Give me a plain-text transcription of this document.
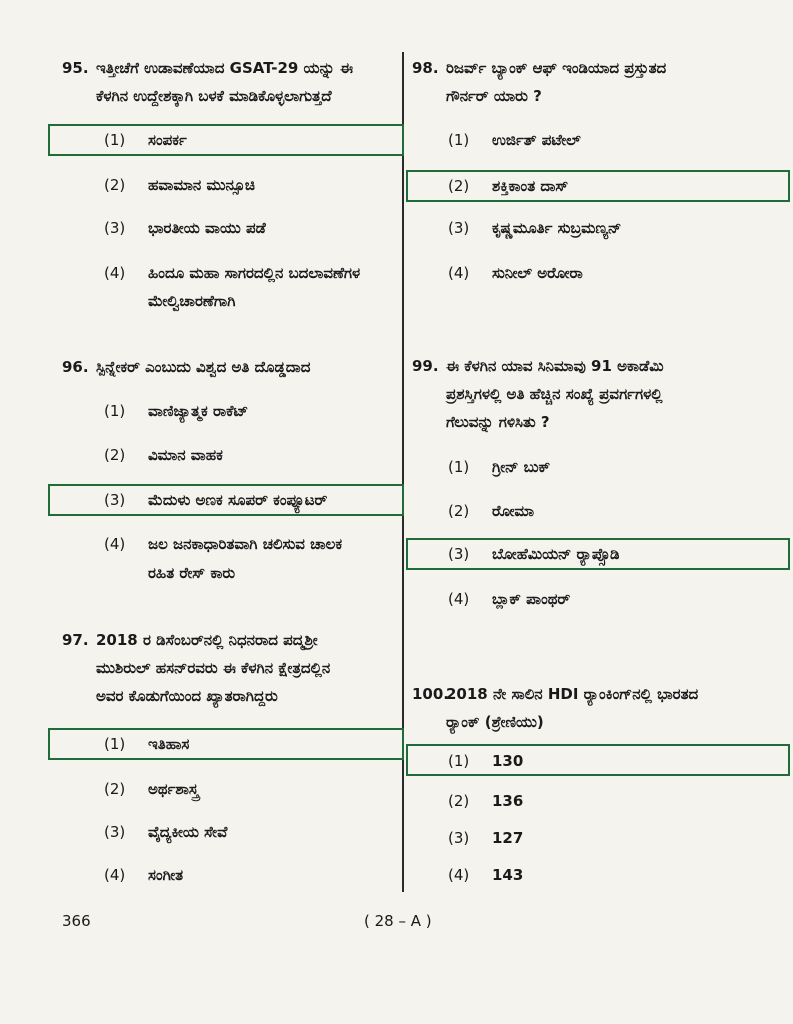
95. ಇತ್ತೀಚೆಗೆ ಉಡಾವಣೆಯಾದ GSAT-29 ಯನ್ನು ಈ
ಕೆಳಗಿನ ಉದ್ದೇಶಕ್ಕಾಗಿ ಬಳಕೆ ಮಾಡಿಕೊಳ್ಳಲಾಗುತ್ತದೆ
(1) ಸಂಪರ್ಕ
(2) ಹವಾಮಾನ ಮುನ್ಸೂಚಿ
(3) ಭಾರತೀಯ ವಾಯು ಪಡೆ
(4) ಹಿಂದೂ ಮಹಾ ಸಾಗರದಲ್ಲಿನ ಬದಲಾವಣೆಗಳ
ಮೇಲ್ವಿಚಾರಣೆಗಾಗಿ
96. ಸ್ಪಿನ್ನೇಕರ್ ಎಂಬುದು ವಿಶ್ವದ ಅತಿ ದೊಡ್ಡದಾದ
(1) ವಾಣಿಜ್ಯಾತ್ಮಕ ರಾಕೆಟ್
(2) ವಿಮಾನ ವಾಹಕ
(3) ಮೆದುಳು ಅಣಕ ಸೂಪರ್ ಕಂಪ್ಯೂಟರ್
(4) ಜಲ ಜನಕಾಧಾರಿತವಾಗಿ ಚಲಿಸುವ ಚಾಲಕ
ರಹಿತ ರೇಸ್ ಕಾರು
97. 2018 ರ ಡಿಸೆಂಬರ್‌ನಲ್ಲಿ ನಿಧನರಾದ ಪದ್ಮಶ್ರೀ
ಮುಶಿರುಲ್ ಹಸನ್‌ರವರು ಈ ಕೆಳಗಿನ ಕ್ಷೇತ್ರದಲ್ಲಿನ
ಅವರ ಕೊಡುಗೆಯಿಂದ ಖ್ಯಾತರಾಗಿದ್ದರು
(1) ಇತಿಹಾಸ
(2) ಅರ್ಥಶಾಸ್ತ್ರ
(3) ವೈದ್ಯಕೀಯ ಸೇವೆ
(4) ಸಂಗೀತ
98. ರಿಜರ್ವ್ ಬ್ಯಾಂಕ್ ಆಫ್ ಇಂಡಿಯಾದ ಪ್ರಸ್ತುತದ
ಗೌರ್ನರ್ ಯಾರು ?
(1) ಉರ್ಜಿತ್ ಪಟೇಲ್
(2) ಶಕ್ತಿಕಾಂತ ದಾಸ್
(3) ಕೃಷ್ಣಮೂರ್ತಿ ಸುಬ್ರಮಣ್ಯನ್
(4) ಸುನೀಲ್ ಅರೋರಾ
99. ಈ ಕೆಳಗಿನ ಯಾವ ಸಿನಿಮಾವು 91 ಅಕಾಡೆಮಿ
ಪ್ರಶಸ್ತಿಗಳಲ್ಲಿ ಅತಿ ಹೆಚ್ಚಿನ ಸಂಖ್ಯೆ ಪ್ರವರ್ಗಗಳಲ್ಲಿ
ಗೆಲುವನ್ನು ಗಳಿಸಿತು ?
(1) ಗ್ರೀನ್ ಬುಕ್
(2) ರೋಮಾ
(3) ಬೋಹೆಮಿಯನ್ ರ್‍ಯಾಪ್ಸೊಡಿ
(4) ಬ್ಲಾಕ್ ಪಾಂಥರ್
100.2018 ನೇ ಸಾಲಿನ HDI ರ್‍ಯಾಂಕಿಂಗ್‌ನಲ್ಲಿ ಭಾರತದ
ರ್‍ಯಾಂಕ್ (ಶ್ರೇಣಿಯು)
(1) 130
(2) 136
(3) 127
(4) 143
366	( 28 – A )
